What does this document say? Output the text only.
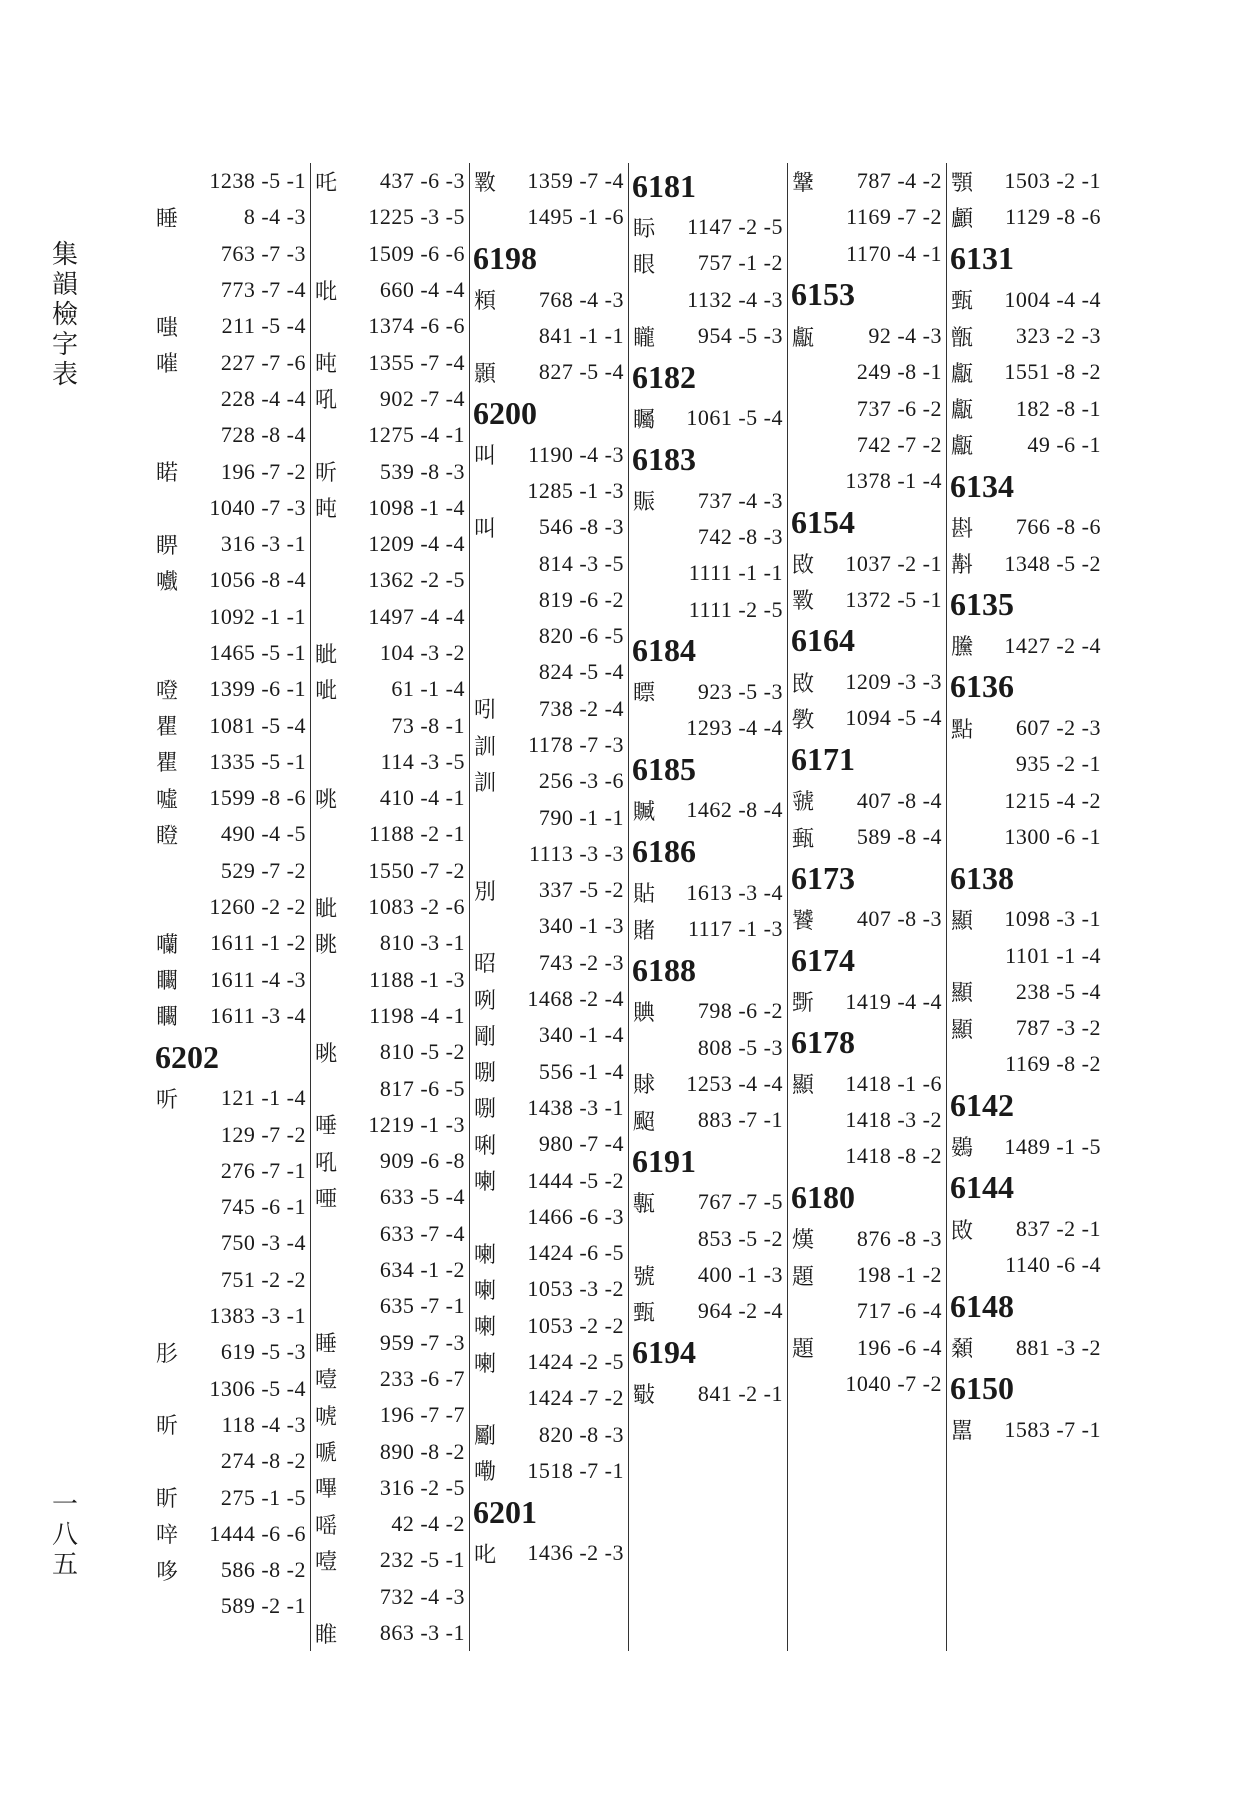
集
韻
檢
字
表
一
八
五
1238 -5 -1
睡	8 -4 -3
763 -7 -3
773 -7 -4
嗤	211 -5 -4
嗺	227 -7 -6
228 -4 -4
728 -8 -4
睰	196 -7 -2
1040 -7 -3
睤	316 -3 -1
嚱	1056 -8 -4
1092 -1 -1
1465 -5 -1
噔	1399 -6 -1
瞿	1081 -5 -4
瞿	1335 -5 -1
噓	1599 -8 -6
瞪	490 -4 -5
529 -7 -2
1260 -2 -2
囒	1611 -1 -2
矙	1611 -4 -3
矙	1611 -3 -4
6202
听	121 -1 -4
129 -7 -2
276 -7 -1
745 -6 -1
750 -3 -4
751 -2 -2
1383 -3 -1
肜	619 -5 -3
1306 -5 -4
昕	118 -4 -3
274 -8 -2
盺	275 -1 -5
㖕	1444 -6 -6
哆	586 -8 -2
589 -2 -1
吒	437 -6 -3
1225 -3 -5
1509 -6 -6
吡	660 -4 -4
1374 -6 -6
旽	1355 -7 -4
吼	902 -7 -4
1275 -4 -1
昕	539 -8 -3
旽	1098 -1 -4
1209 -4 -4
1362 -2 -5
1497 -4 -4
眦	104 -3 -2
呲	61 -1 -4
73 -8 -1
114 -3 -5
咷	410 -4 -1
1188 -2 -1
1550 -7 -2
眦	1083 -2 -6
眺	810 -3 -1
1188 -1 -3
1198 -4 -1
晀	810 -5 -2
817 -6 -5
唾	1219 -1 -3
吼	909 -6 -8
唖	633 -5 -4
633 -7 -4
634 -1 -2
635 -7 -1
睡	959 -7 -3
噎	233 -6 -7
唬	196 -7 -7
嗁	890 -8 -2
嗶	316 -2 -5
嗂	42 -4 -2
噎	232 -5 -1
732 -4 -3
睢	863 -3 -1
斁	1359 -7 -4
1495 -1 -6
6198
頪	768 -4 -3
841 -1 -1
顥	827 -5 -4
6200
叫	1190 -4 -3
1285 -1 -3
叫	546 -8 -3
814 -3 -5
819 -6 -2
820 -6 -5
824 -5 -4
吲	738 -2 -4
訓	1178 -7 -3
訓	256 -3 -6
790 -1 -1
1113 -3 -3
別	337 -5 -2
340 -1 -3
昭	743 -2 -3
咧	1468 -2 -4
剛	340 -1 -4
哵	556 -1 -4
哵	1438 -3 -1
唎	980 -7 -4
喇	1444 -5 -2
1466 -6 -3
喇	1424 -6 -5
喇	1053 -3 -2
喇	1053 -2 -2
喇	1424 -2 -5
1424 -7 -2
劚	820 -8 -3
嘞	1518 -7 -1
6201
叱	1436 -2 -3
6181
眎	1147 -2 -5
眼	757 -1 -2
1132 -4 -3
矓	954 -5 -3
6182
矚	1061 -5 -4
6183
賑	737 -4 -3
742 -8 -3
1111 -1 -1
1111 -2 -5
6184
瞟	923 -5 -3
1293 -4 -4
6185
贓	1462 -8 -4
6186
貼	1613 -3 -4
賭	1117 -1 -3
6188
賟	798 -6 -2
808 -5 -3
賕	1253 -4 -4
䫿	883 -7 -1
6191
甎	767 -7 -5
853 -5 -2
號	400 -1 -3
甄	964 -2 -4
6194
斀	841 -2 -1
鞶	787 -4 -2
1169 -7 -2
1170 -4 -1
6153
甗	92 -4 -3
249 -8 -1
737 -6 -2
742 -7 -2
1378 -1 -4
6154
敃	1037 -2 -1
斁	1372 -5 -1
6164
敃	1209 -3 -3
斆	1094 -5 -4
6171
虢	407 -8 -4
甀	589 -8 -4
6173
饕	407 -8 -3
6174
斲	1419 -4 -4
6178
顯	1418 -1 -6
1418 -3 -2
1418 -8 -2
6180
熯	876 -8 -3
題	198 -1 -2
717 -6 -4
題	196 -6 -4
1040 -7 -2
顎	1503 -2 -1
顱	1129 -8 -6
6131
甄	1004 -4 -4
甑	323 -2 -3
甗	1551 -8 -2
甗	182 -8 -1
甗	49 -6 -1
6134
斟	766 -8 -6
斠	1348 -5 -2
6135
黱	1427 -2 -4
6136
點	607 -2 -3
935 -2 -1
1215 -4 -2
1300 -6 -1
6138
顯	1098 -3 -1
1101 -1 -4
顯	238 -5 -4
顯	787 -3 -2
1169 -8 -2
6142
鷃	1489 -1 -5
6144
敃	837 -2 -1
1140 -6 -4
6148
顙	881 -3 -2
6150
嚚	1583 -7 -1
